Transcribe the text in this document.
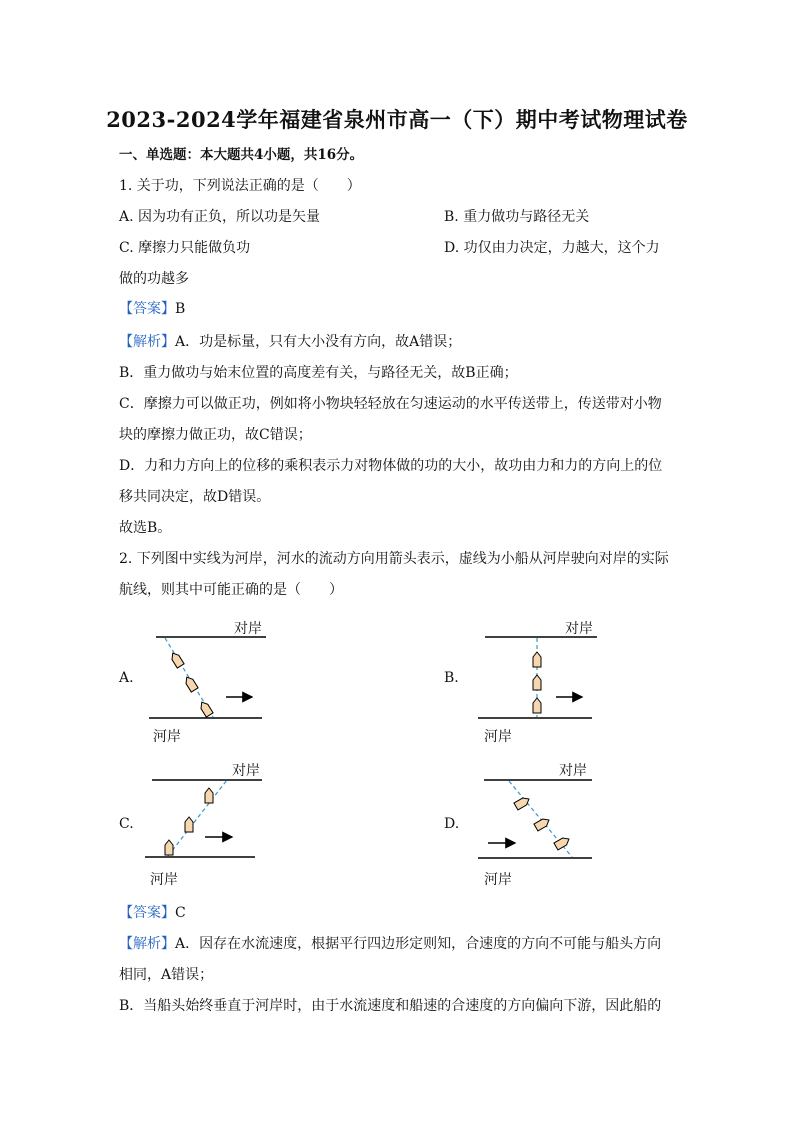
2023-2024学年福建省泉州市高一（下）期中考试物理试卷
一、单选题：本大题共4小题，共16分。
1. 关于功，下列说法正确的是（　　）
A. 因为功有正负，所以功是矢量	B. 重力做功与路径无关
C. 摩擦力只能做负功	D. 功仅由力决定，力越大，这个力
做的功越多
【答案】B
【解析】A．功是标量，只有大小没有方向，故A错误；
B．重力做功与始末位置的高度差有关，与路径无关，故B正确；
C．摩擦力可以做正功，例如将小物块轻轻放在匀速运动的水平传送带上，传送带对小物
块的摩擦力做正功，故C错误；
D．力和力方向上的位移的乘积表示力对物体做的功的大小，故功由力和力的方向上的位
移共同决定，故D错误。
故选B。
2. 下列图中实线为河岸，河水的流动方向用箭头表示，虚线为小船从河岸驶向对岸的实际
航线，则其中可能正确的是（　　）
A.
对岸
河岸
B.
对岸
河岸
C.
对岸
河岸
D.
对岸
河岸
【答案】C
【解析】A．因存在水流速度，根据平行四边形定则知，合速度的方向不可能与船头方向
相同，A错误；
B．当船头始终垂直于河岸时，由于水流速度和船速的合速度的方向偏向下游，因此船的
